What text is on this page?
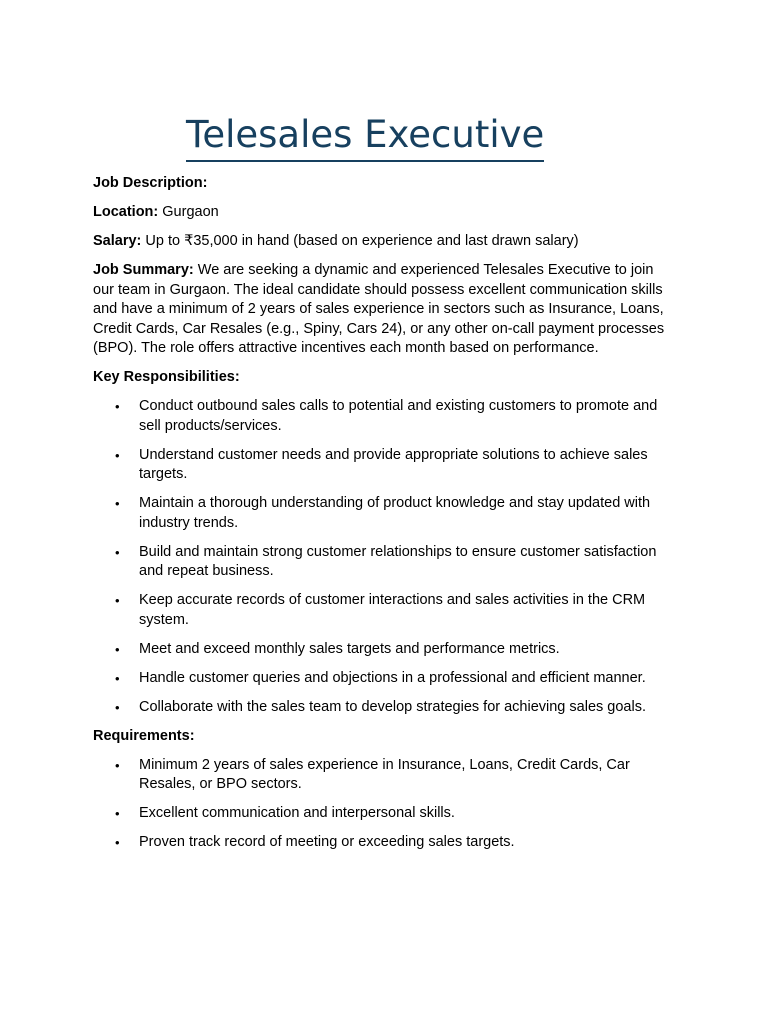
Telesales Executive

Job Description:

Location: Gurgaon

Salary: Up to ₹35,000 in hand (based on experience and last drawn salary)

Job Summary: We are seeking a dynamic and experienced Telesales Executive to join our team in Gurgaon. The ideal candidate should possess excellent communication skills and have a minimum of 2 years of sales experience in sectors such as Insurance, Loans, Credit Cards, Car Resales (e.g., Spiny, Cars 24), or any other on-call payment processes (BPO). The role offers attractive incentives each month based on performance.

Key Responsibilities:

• Conduct outbound sales calls to potential and existing customers to promote and sell products/services.
• Understand customer needs and provide appropriate solutions to achieve sales targets.
• Maintain a thorough understanding of product knowledge and stay updated with industry trends.
• Build and maintain strong customer relationships to ensure customer satisfaction and repeat business.
• Keep accurate records of customer interactions and sales activities in the CRM system.
• Meet and exceed monthly sales targets and performance metrics.
• Handle customer queries and objections in a professional and efficient manner.
• Collaborate with the sales team to develop strategies for achieving sales goals.

Requirements:

• Minimum 2 years of sales experience in Insurance, Loans, Credit Cards, Car Resales, or BPO sectors.
• Excellent communication and interpersonal skills.
• Proven track record of meeting or exceeding sales targets.
